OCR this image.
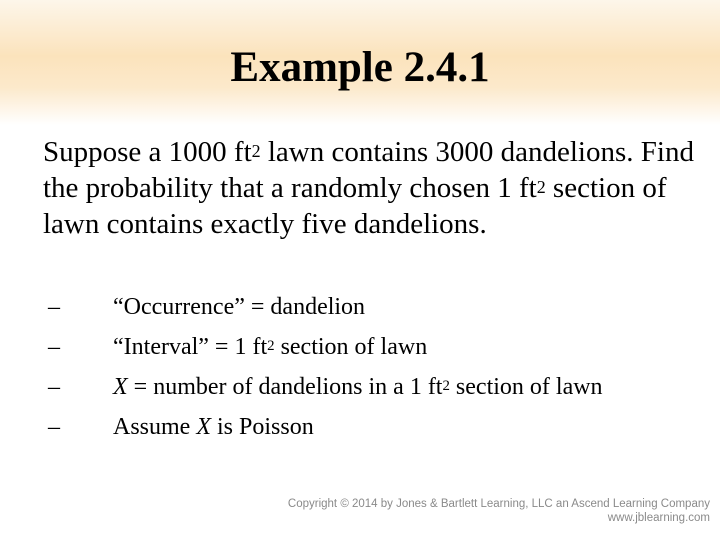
Example 2.4.1
Suppose a 1000 $ft^2$ lawn contains 3000 dandelions. Find the probability that a randomly chosen 1 $ft^2$ section of lawn contains exactly five dandelions.
– “Occurrence” = dandelion
– “Interval” = 1 $ft^2$ section of lawn
– X = number of dandelions in a 1 $ft^2$ section of lawn
– Assume X is Poisson
Copyright © 2014 by Jones & Bartlett Learning, LLC an Ascend Learning Company
www.jblearning.com
